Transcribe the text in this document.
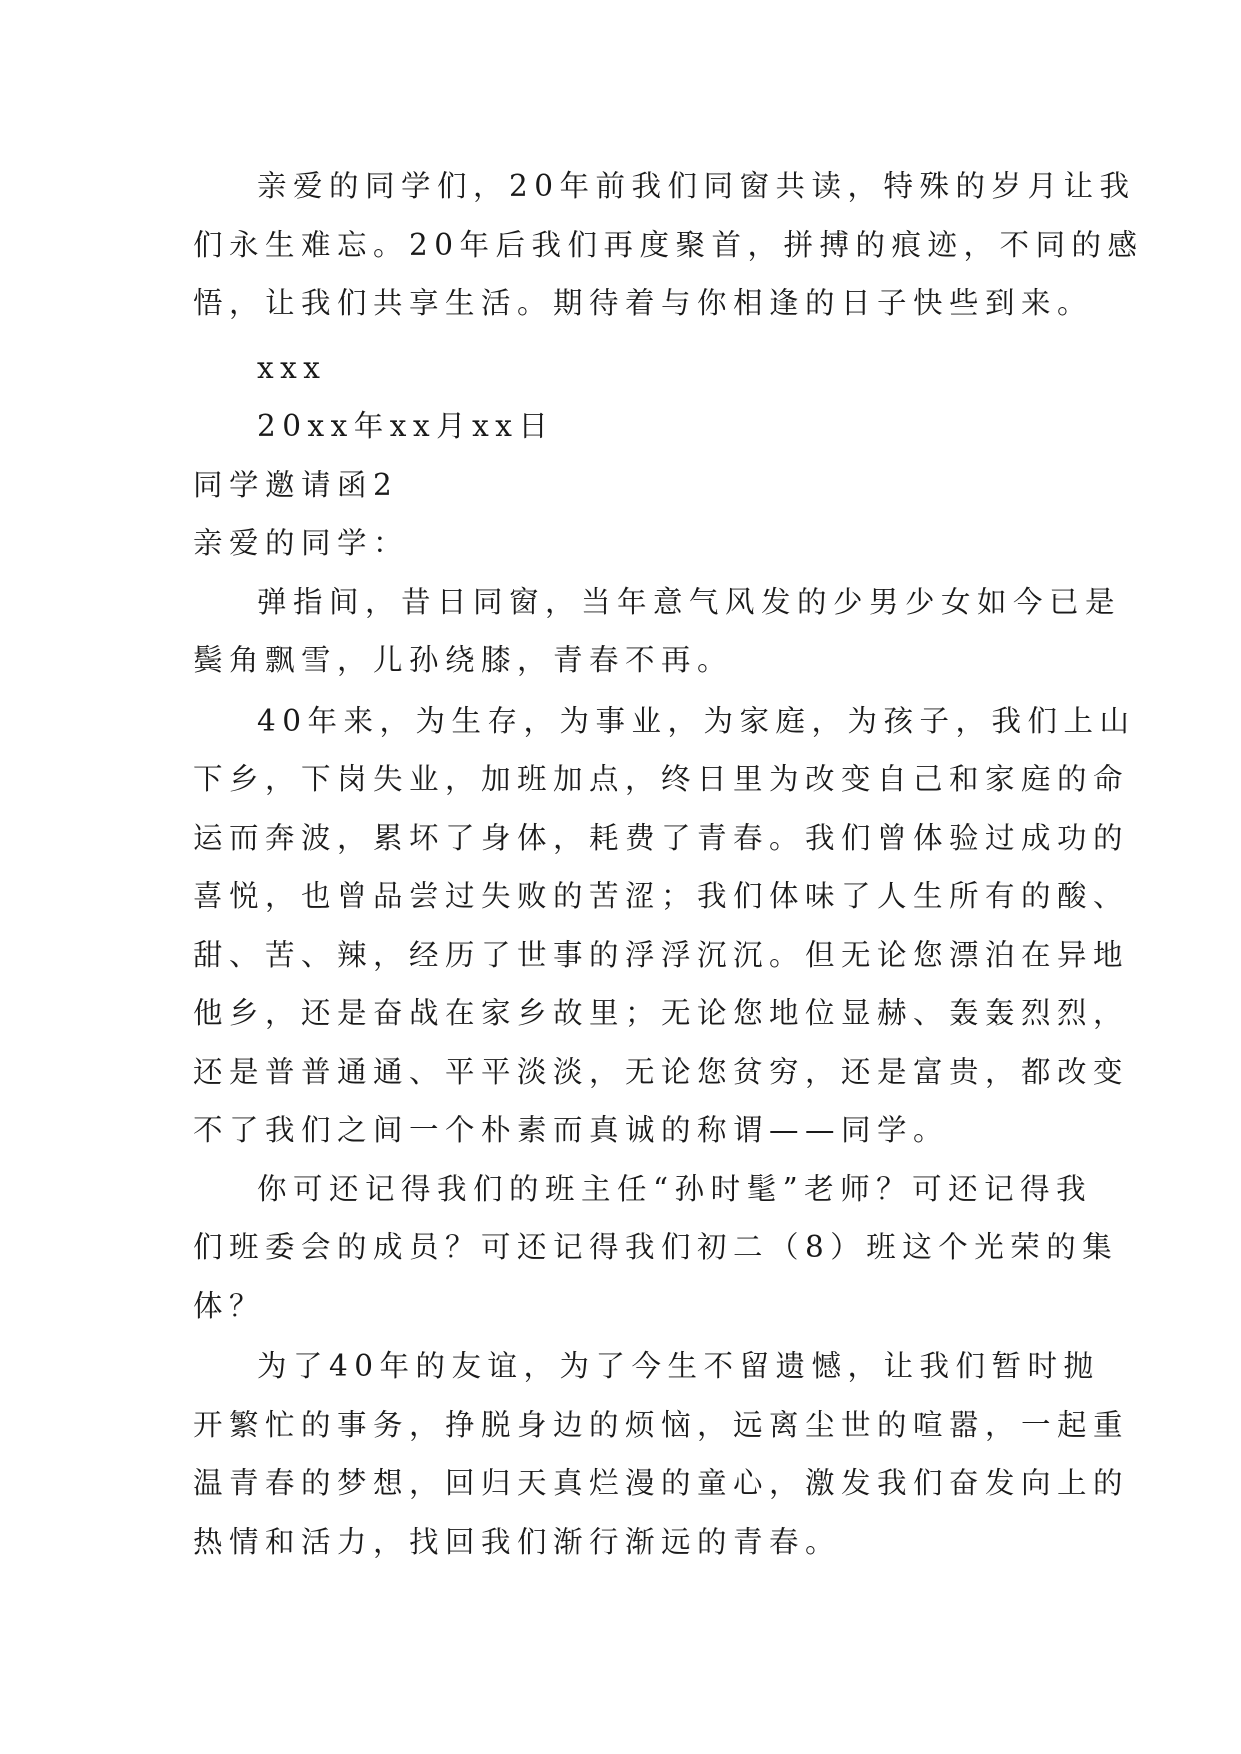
亲爱的同学们，20年前我们同窗共读，特殊的岁月让我
们永生难忘。20年后我们再度聚首，拼搏的痕迹，不同的感
悟，让我们共享生活。期待着与你相逢的日子快些到来。
xxx
20xx年xx月xx日
同学邀请函2
亲爱的同学：
弹指间，昔日同窗，当年意气风发的少男少女如今已是
鬓角飘雪，儿孙绕膝，青春不再。
40年来，为生存，为事业，为家庭，为孩子，我们上山
下乡，下岗失业，加班加点，终日里为改变自己和家庭的命
运而奔波，累坏了身体，耗费了青春。我们曾体验过成功的
喜悦，也曾品尝过失败的苦涩；我们体味了人生所有的酸、
甜、苦、辣，经历了世事的浮浮沉沉。但无论您漂泊在异地
他乡，还是奋战在家乡故里；无论您地位显赫、轰轰烈烈，
还是普普通通、平平淡淡，无论您贫穷，还是富贵，都改变
不了我们之间一个朴素而真诚的称谓——同学。
你可还记得我们的班主任“孙时髦”老师？可还记得我
们班委会的成员？可还记得我们初二（8）班这个光荣的集
体？
为了40年的友谊，为了今生不留遗憾，让我们暂时抛
开繁忙的事务，挣脱身边的烦恼，远离尘世的喧嚣，一起重
温青春的梦想，回归天真烂漫的童心，激发我们奋发向上的
热情和活力，找回我们渐行渐远的青春。
